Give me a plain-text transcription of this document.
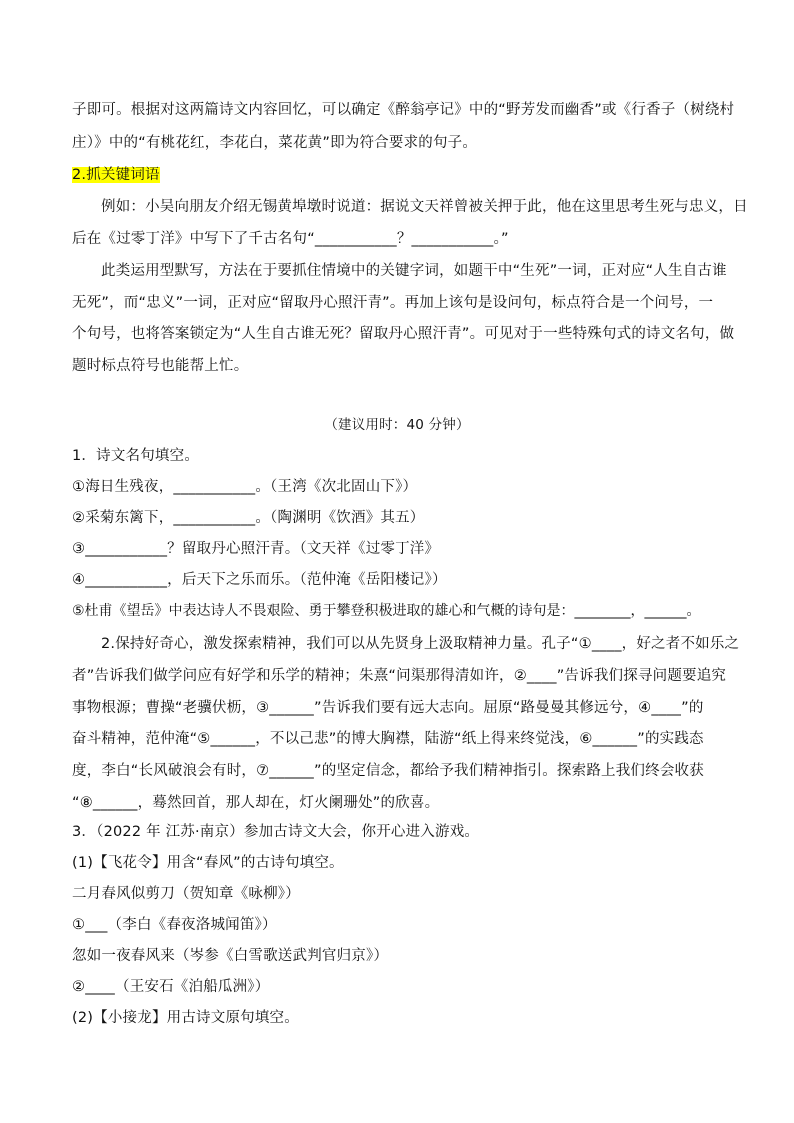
子即可。根据对这两篇诗文内容回忆，可以确定《醉翁亭记》中的“野芳发而幽香”或《行香子（树绕村
庄）》中的“有桃花红，李花白，菜花黄”即为符合要求的句子。
2.抓关键词语
例如：小吴向朋友介绍无锡黄埠墩时说道：据说文天祥曾被关押于此，他在这里思考生死与忠义，日
后在《过零丁洋》中写下了千古名句“___________？___________。”
此类运用型默写，方法在于要抓住情境中的关键字词，如题干中“生死”一词，正对应“人生自古谁
无死”，而“忠义”一词，正对应“留取丹心照汗青”。再加上该句是设问句，标点符合是一个问号，一
个句号，也将答案锁定为“人生自古谁无死？留取丹心照汗青”。可见对于一些特殊句式的诗文名句，做
题时标点符号也能帮上忙。
（建议用时：40 分钟）
1．诗文名句填空。
①海日生残夜，___________。（王湾《次北固山下》）
②采菊东篱下，___________。（陶渊明《饮酒》其五）
③___________？留取丹心照汗青。（文天祥《过零丁洋》
④___________，后天下之乐而乐。（范仲淹《岳阳楼记》）
⑤杜甫《望岳》中表达诗人不畏艰险、勇于攀登积极进取的雄心和气概的诗句是：________，______。
2.保持好奇心，激发探索精神，我们可以从先贤身上汲取精神力量。孔子“①____，好之者不如乐之
者”告诉我们做学问应有好学和乐学的精神；朱熹“问渠那得清如许，②____”告诉我们探寻问题要追究
事物根源；曹操“老骥伏枥，③______”告诉我们要有远大志向。屈原“路曼曼其修远兮，④____”的
奋斗精神，范仲淹“⑤______，不以己悲”的博大胸襟，陆游“纸上得来终觉浅，⑥______”的实践态
度，李白“长风破浪会有时，⑦______”的坚定信念，都给予我们精神指引。探索路上我们终会收获
“⑧______，蓦然回首，那人却在，灯火阑珊处”的欣喜。
3．（2022 年 江苏·南京）参加古诗文大会，你开心进入游戏。
(1)【飞花令】用含“春风”的古诗句填空。
二月春风似剪刀（贺知章《咏柳》）
①___（李白《春夜洛城闻笛》）
忽如一夜春风来（岑参《白雪歌送武判官归京》）
②____（王安石《泊船瓜洲》）
(2)【小接龙】用古诗文原句填空。
